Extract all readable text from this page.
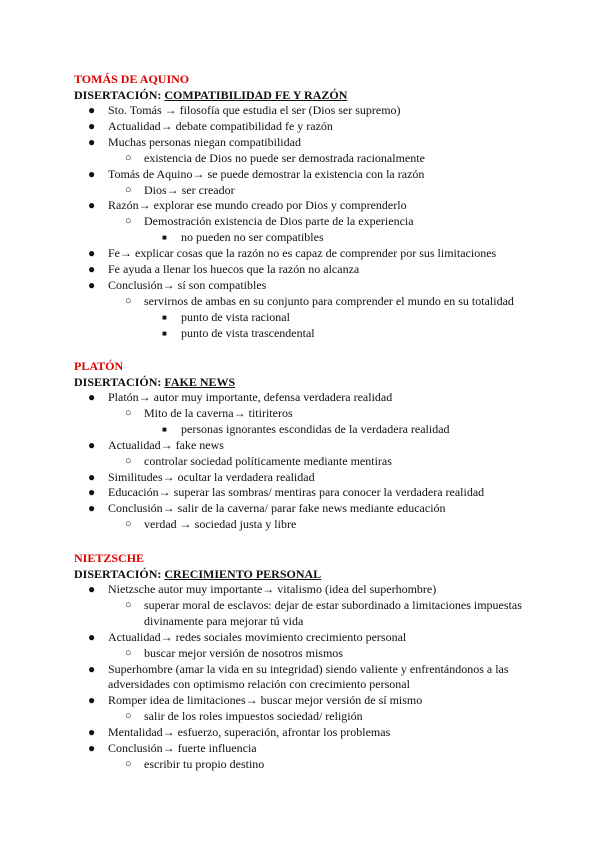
TOMÁS DE AQUINO
DISERTACIÓN: COMPATIBILIDAD FE Y RAZÓN
● Sto. Tomás → filosofía que estudia el ser (Dios ser supremo)
● Actualidad→ debate compatibilidad fe y razón
● Muchas personas niegan compatibilidad
○ existencia de Dios no puede ser demostrada racionalmente
● Tomás de Aquino→ se puede demostrar la existencia con la razón
○ Dios→ ser creador
● Razón→ explorar ese mundo creado por Dios y comprenderlo
○ Demostración existencia de Dios parte de la experiencia
■ no pueden no ser compatibles
● Fe→ explicar cosas que la razón no es capaz de comprender por sus limitaciones
● Fe ayuda a llenar los huecos que la razón no alcanza
● Conclusión→ sí son compatibles
○ servirnos de ambas en su conjunto para comprender el mundo en su totalidad
■ punto de vista racional
■ punto de vista trascendental
PLATÓN
DISERTACIÓN: FAKE NEWS
● Platón→ autor muy importante, defensa verdadera realidad
○ Mito de la caverna→ titiriteros
■ personas ignorantes escondidas de la verdadera realidad
● Actualidad→ fake news
○ controlar sociedad políticamente mediante mentiras
● Similitudes→ ocultar la verdadera realidad
● Educación→ superar las sombras/ mentiras para conocer la verdadera realidad
● Conclusión→ salir de la caverna/ parar fake news mediante educación
○ verdad → sociedad justa y libre
NIETZSCHE
DISERTACIÓN: CRECIMIENTO PERSONAL
● Nietzsche autor muy importante→ vitalismo (idea del superhombre)
○ superar moral de esclavos: dejar de estar subordinado a limitaciones impuestas divinamente para mejorar tú vida
● Actualidad→ redes sociales movimiento crecimiento personal
○ buscar mejor versión de nosotros mismos
● Superhombre (amar la vida en su integridad) siendo valiente y enfrentándonos a las adversidades con optimismo relación con crecimiento personal
● Romper idea de limitaciones→ buscar mejor versión de sí mismo
○ salir de los roles impuestos sociedad/ religión
● Mentalidad→ esfuerzo, superación, afrontar los problemas
● Conclusión→ fuerte influencia
○ escribir tu propio destino
